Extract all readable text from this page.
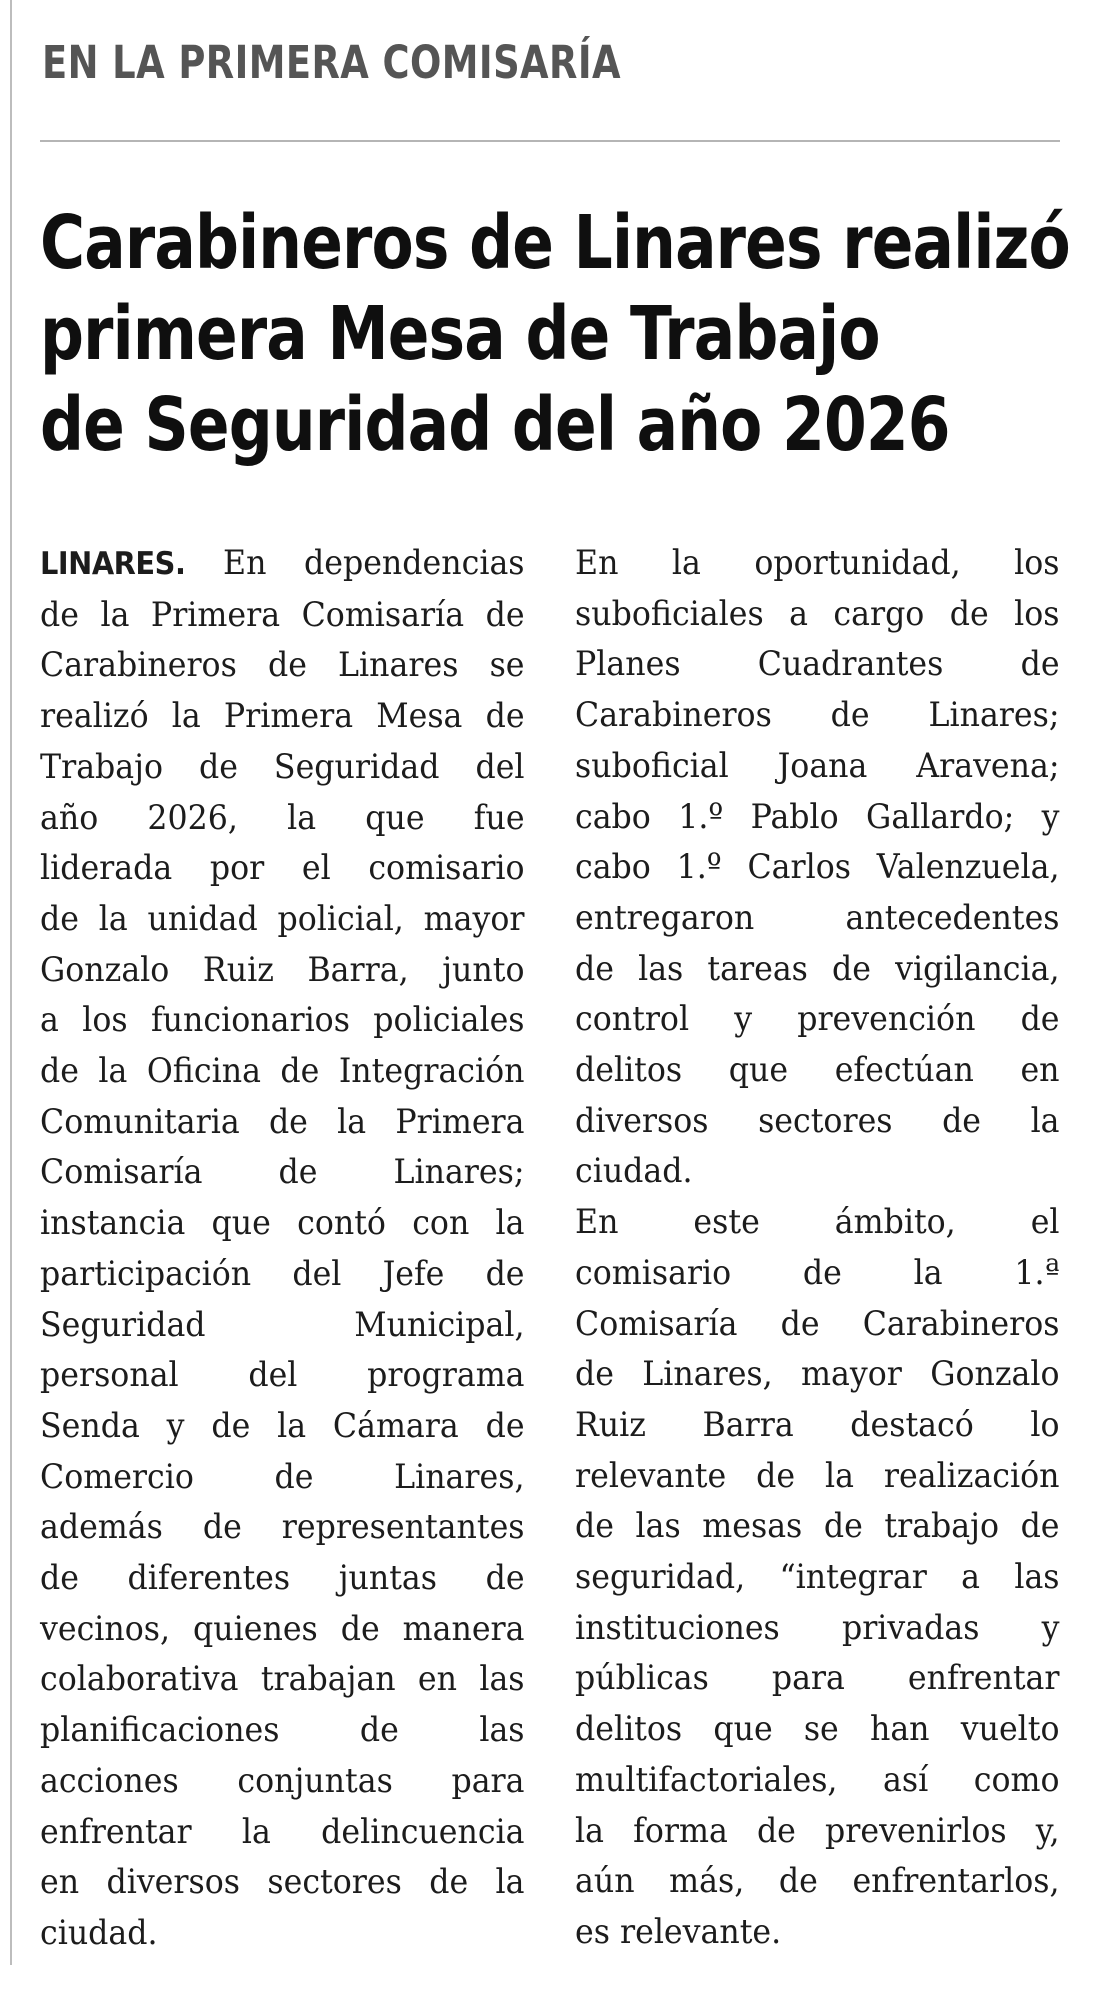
EN LA PRIMERA COMISARÍA
Carabineros de Linares realizó
primera Mesa de Trabajo
de Seguridad del año 2026
LINARES. En dependencias
de la Primera Comisaría de
Carabineros de Linares se
realizó la Primera Mesa de
Trabajo de Seguridad del
año 2026, la que fue
liderada por el comisario
de la unidad policial, mayor
Gonzalo Ruiz Barra, junto
a los funcionarios policiales
de la Oficina de Integración
Comunitaria de la Primera
Comisaría de Linares;
instancia que contó con la
participación del Jefe de
Seguridad Municipal,
personal del programa
Senda y de la Cámara de
Comercio de Linares,
además de representantes
de diferentes juntas de
vecinos, quienes de manera
colaborativa trabajan en las
planificaciones de las
acciones conjuntas para
enfrentar la delincuencia
en diversos sectores de la
ciudad.
En la oportunidad, los
suboficiales a cargo de los
Planes Cuadrantes de
Carabineros de Linares;
suboficial Joana Aravena;
cabo 1.º Pablo Gallardo; y
cabo 1.º Carlos Valenzuela,
entregaron antecedentes
de las tareas de vigilancia,
control y prevención de
delitos que efectúan en
diversos sectores de la
ciudad.
En este ámbito, el
comisario de la 1.ª
Comisaría de Carabineros
de Linares, mayor Gonzalo
Ruiz Barra destacó lo
relevante de la realización
de las mesas de trabajo de
seguridad, “integrar a las
instituciones privadas y
públicas para enfrentar
delitos que se han vuelto
multifactoriales, así como
la forma de prevenirlos y,
aún más, de enfrentarlos,
es relevante.
